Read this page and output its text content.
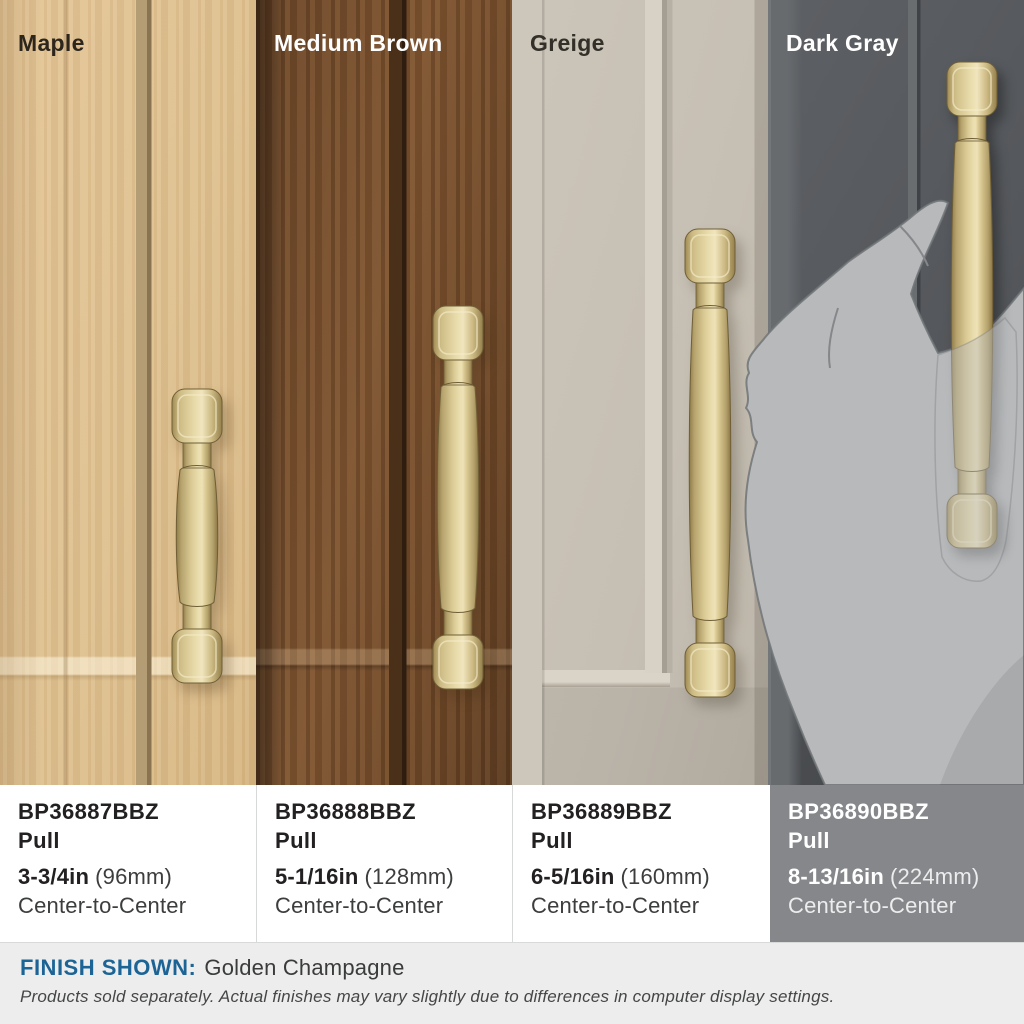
Maple	Medium Brown	Greige	Dark Gray
BP36887BBZ
Pull
3-3/4in (96mm)
Center-to-Center
BP36888BBZ
Pull
5-1/16in (128mm)
Center-to-Center
BP36889BBZ
Pull
6-5/16in (160mm)
Center-to-Center
BP36890BBZ
Pull
8-13/16in (224mm)
Center-to-Center
FINISH SHOWN: Golden Champagne
Products sold separately. Actual finishes may vary slightly due to differences in computer display settings.
